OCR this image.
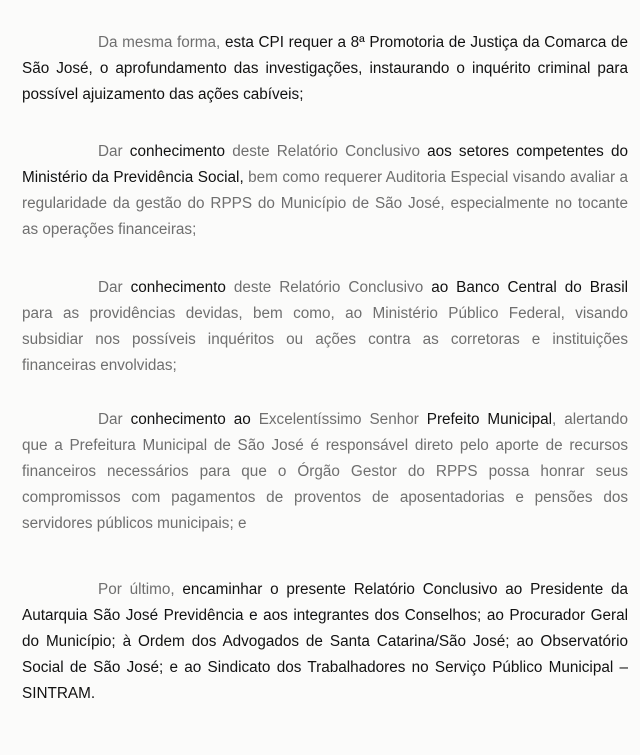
Da mesma forma, esta CPI requer a 8ª Promotoria de Justiça da Comarca de São José, o aprofundamento das investigações, instaurando o inquérito criminal para possível ajuizamento das ações cabíveis;

Dar conhecimento deste Relatório Conclusivo aos setores competentes do Ministério da Previdência Social, bem como requerer Auditoria Especial visando avaliar a regularidade da gestão do RPPS do Município de São José, especialmente no tocante as operações financeiras;

Dar conhecimento deste Relatório Conclusivo ao Banco Central do Brasil para as providências devidas, bem como, ao Ministério Público Federal, visando subsidiar nos possíveis inquéritos ou ações contra as corretoras e instituições financeiras envolvidas;

Dar conhecimento ao Excelentíssimo Senhor Prefeito Municipal, alertando que a Prefeitura Municipal de São José é responsável direto pelo aporte de recursos financeiros necessários para que o Órgão Gestor do RPPS possa honrar seus compromissos com pagamentos de proventos de aposentadorias e pensões dos servidores públicos municipais; e

Por último, encaminhar o presente Relatório Conclusivo ao Presidente da Autarquia São José Previdência e aos integrantes dos Conselhos; ao Procurador Geral do Município; à Ordem dos Advogados de Santa Catarina/São José; ao Observatório Social de São José; e ao Sindicato dos Trabalhadores no Serviço Público Municipal – SINTRAM.
